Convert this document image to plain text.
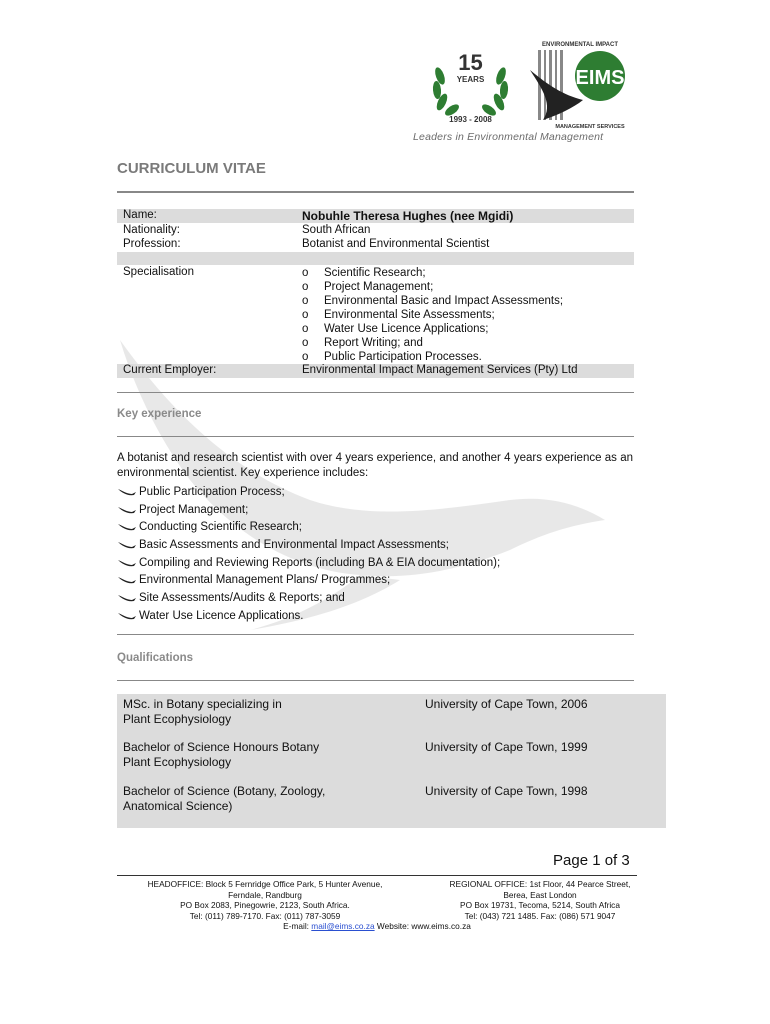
15
YEARS
1993 - 2008
ENVIRONMENTAL IMPACT
EIMS
MANAGEMENT SERVICES
Leaders in Environmental Management
CURRICULUM VITAE
Name:	Nobuhle Theresa Hughes (nee Mgidi)
Nationality:	South African
Profession:	Botanist and Environmental Scientist
Specialisation	o	Scientific Research;
o	Project Management;
o	Environmental Basic and Impact Assessments;
o	Environmental Site Assessments;
o	Water Use Licence Applications;
o	Report Writing; and
o	Public Participation Processes.
Current Employer:	Environmental Impact Management Services (Pty) Ltd
Key experience
A botanist and research scientist with over 4 years experience, and another 4 years experience as an environmental scientist. Key experience includes:
Public Participation Process;
Project Management;
Conducting Scientific Research;
Basic Assessments and Environmental Impact Assessments;
Compiling and Reviewing Reports (including BA & EIA documentation);
Environmental Management Plans/ Programmes;
Site Assessments/Audits & Reports; and
Water Use Licence Applications.
Qualifications
MSc. in Botany specializing in
Plant Ecophysiology
University of Cape Town, 2006
Bachelor of Science Honours Botany
Plant Ecophysiology
University of Cape Town, 1999
Bachelor of Science (Botany, Zoology,
Anatomical Science)
University of Cape Town, 1998
Page 1 of 3
HEADOFFICE: Block 5 Fernridge Office Park, 5 Hunter Avenue,
Ferndale, Randburg
PO Box 2083, Pinegowrie, 2123, South Africa.
Tel: (011) 789-7170. Fax: (011) 787-3059
REGIONAL OFFICE: 1st Floor, 44 Pearce Street,
Berea, East London
PO Box 19731, Tecoma, 5214, South Africa
Tel: (043) 721 1485. Fax: (086) 571 9047
E-mail: mail@eims.co.za Website: www.eims.co.za
